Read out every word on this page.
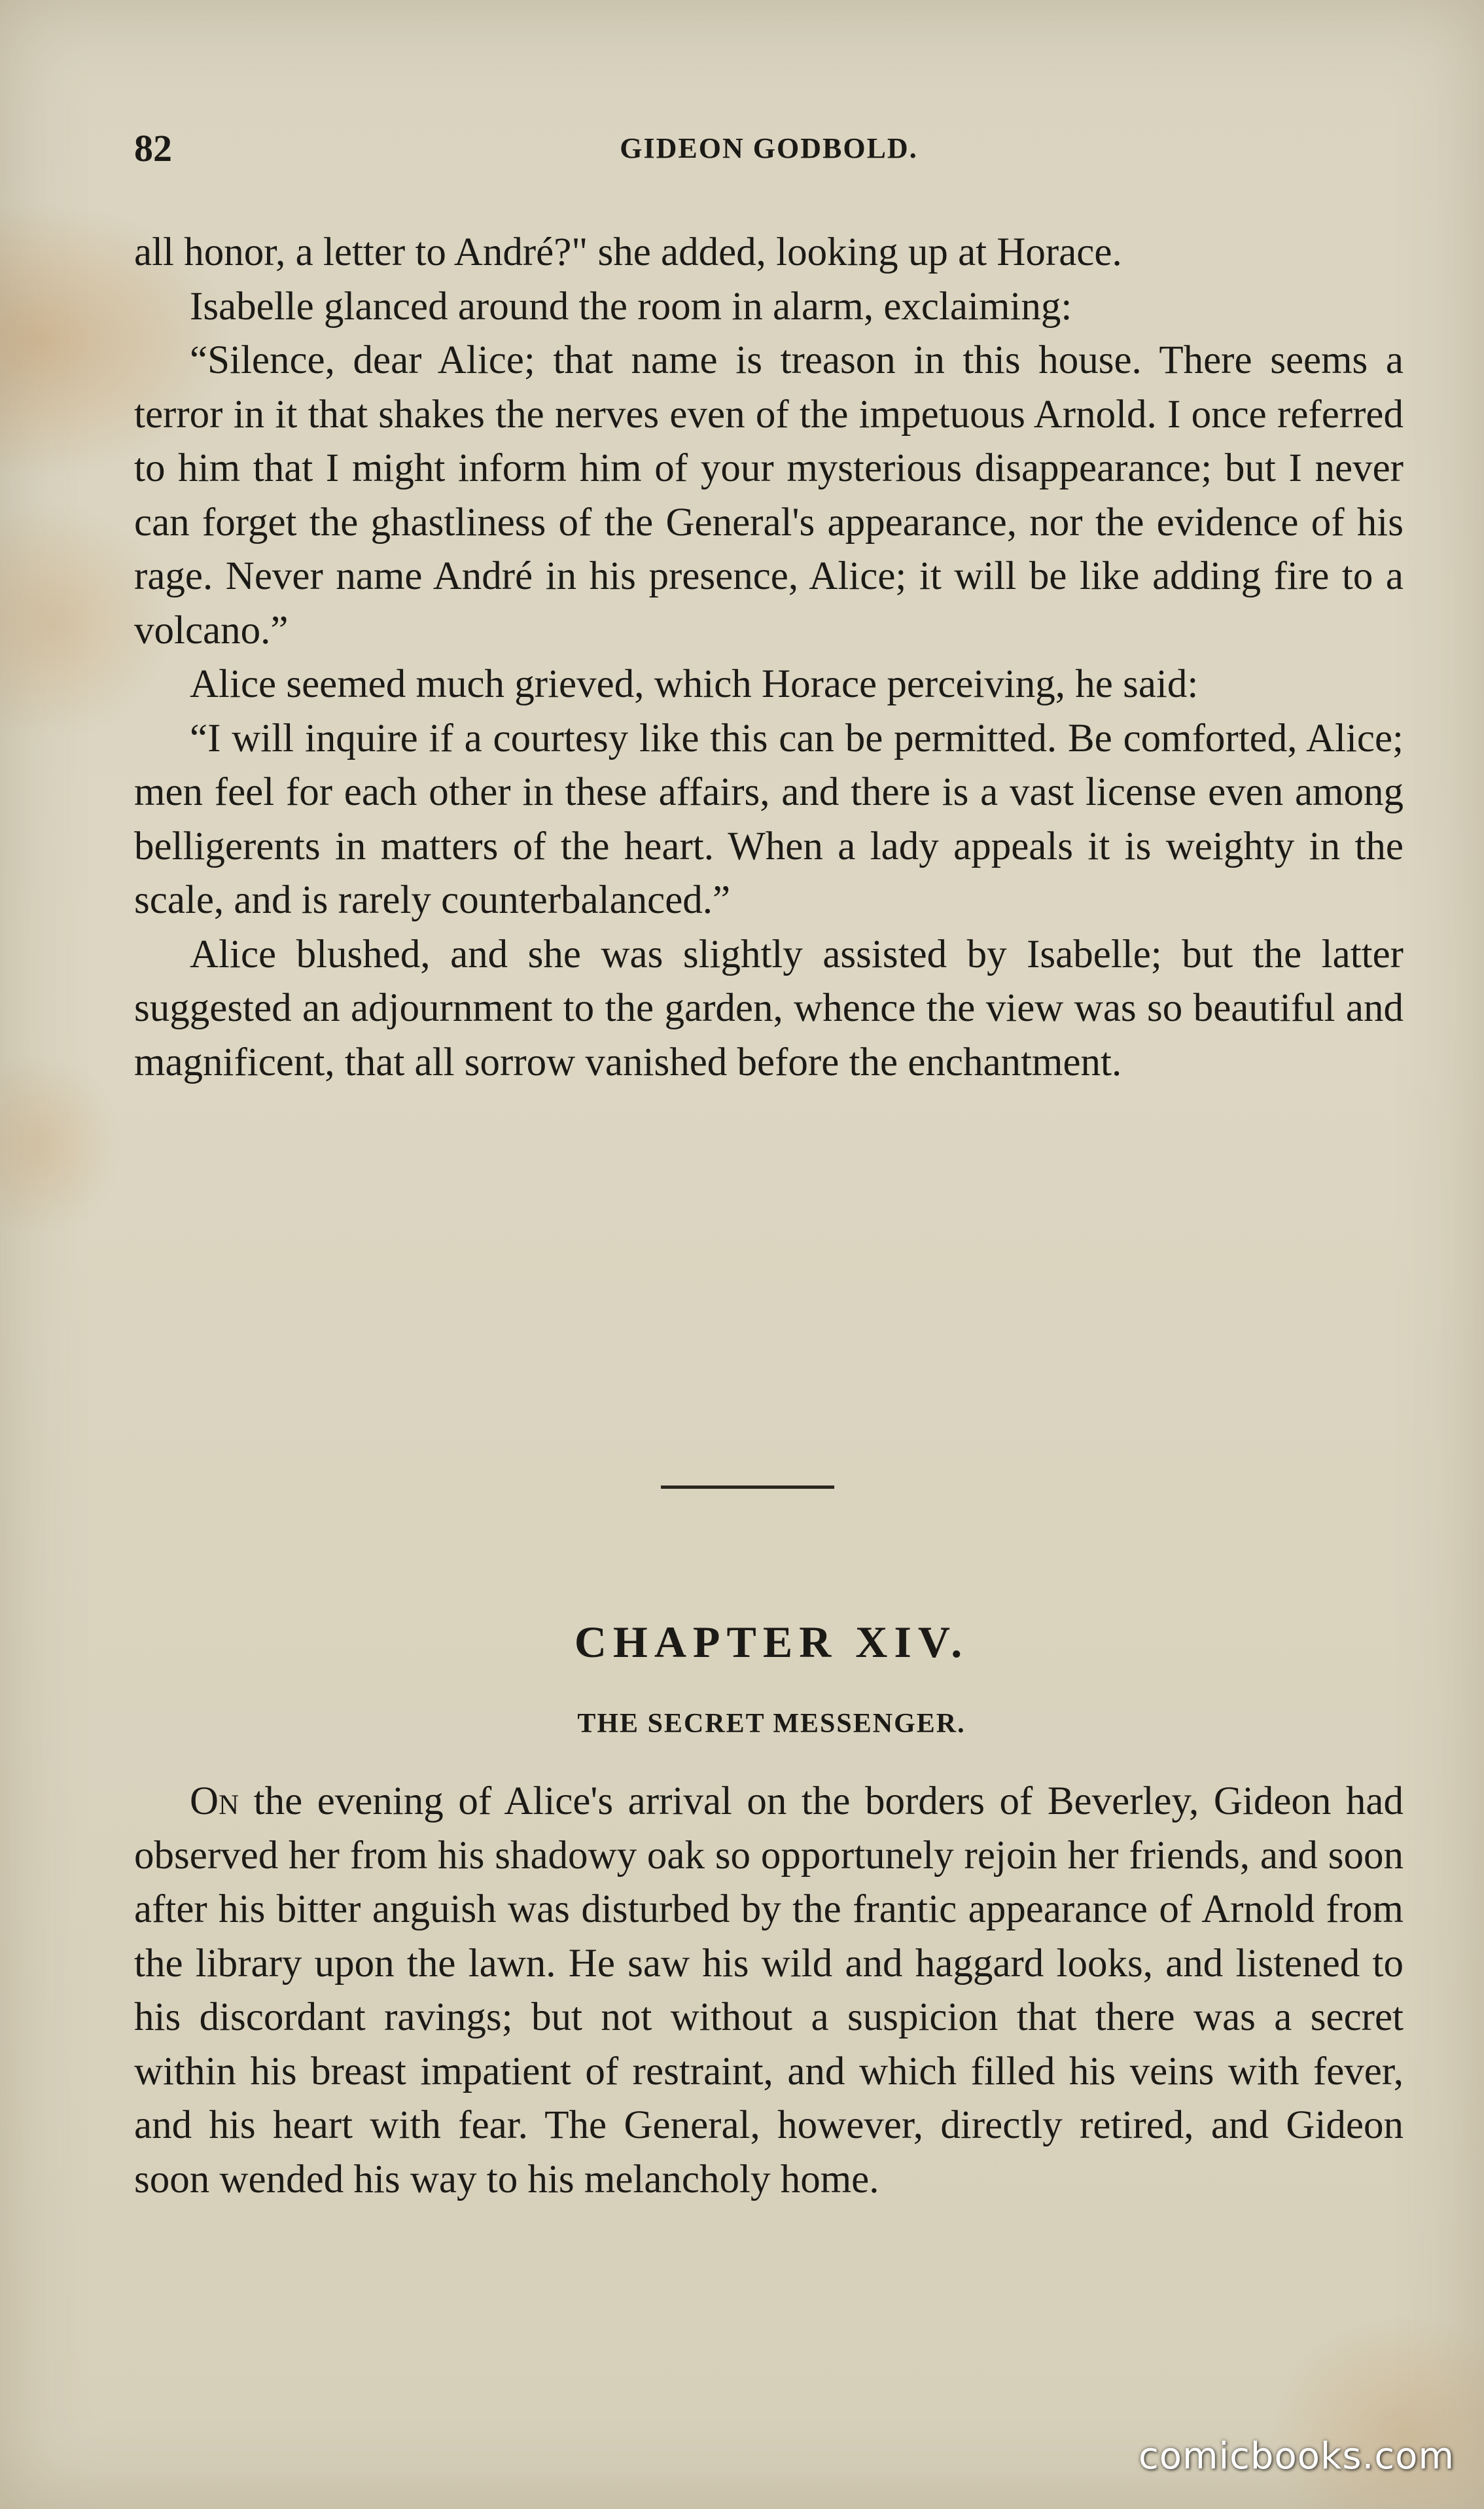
82	GIDEON GODBOLD.

all honor, a letter to André?" she added, looking up at Horace.

Isabelle glanced around the room in alarm, exclaiming:

“Silence, dear Alice; that name is treason in this house. There seems a terror in it that shakes the nerves even of the impetuous Arnold. I once referred to him that I might inform him of your mysterious disappearance; but I never can forget the ghastliness of the General's appearance, nor the evidence of his rage. Never name André in his presence, Alice; it will be like adding fire to a volcano.”

Alice seemed much grieved, which Horace perceiving, he said:

“I will inquire if a courtesy like this can be permitted. Be comforted, Alice; men feel for each other in these affairs, and there is a vast license even among belligerents in matters of the heart. When a lady appeals it is weighty in the scale, and is rarely counterbalanced.”

Alice blushed, and she was slightly assisted by Isabelle; but the latter suggested an adjournment to the garden, whence the view was so beautiful and magnificent, that all sorrow vanished before the enchantment.

CHAPTER XIV.
THE SECRET MESSENGER.

On the evening of Alice's arrival on the borders of Beverley, Gideon had observed her from his shadowy oak so opportunely rejoin her friends, and soon after his bitter anguish was disturbed by the frantic appearance of Arnold from the library upon the lawn. He saw his wild and haggard looks, and listened to his discordant ravings; but not without a suspicion that there was a secret within his breast impatient of restraint, and which filled his veins with fever, and his heart with fear. The General, however, directly retired, and Gideon soon wended his way to his melancholy home.

comicbooks.com
